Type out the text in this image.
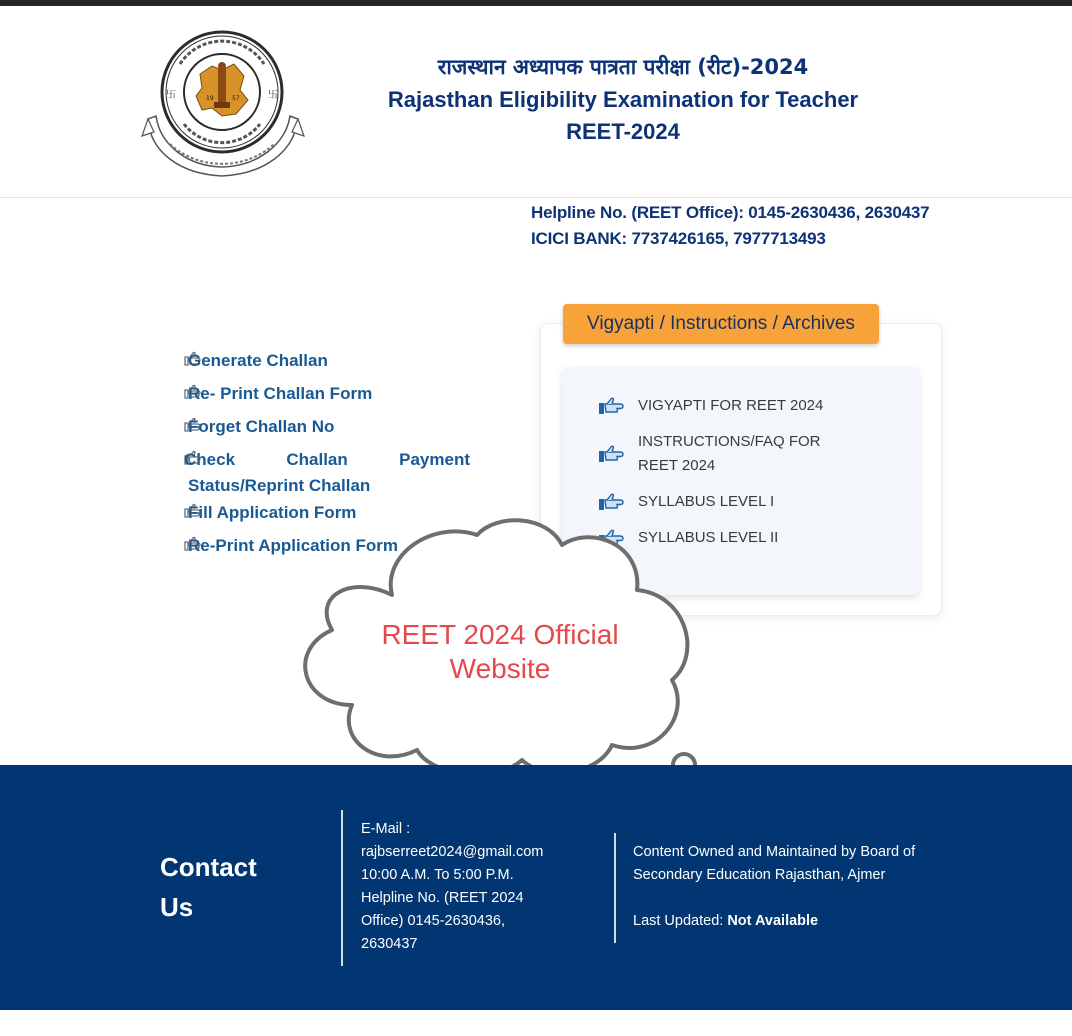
19	57
卐	卐
राजस्थान अध्यापक पात्रता परीक्षा (रीट)-2024
Rajasthan Eligibility Examination for Teacher
REET-2024
Helpline No. (REET Office): 0145-2630436, 2630437
ICICI BANK: 7737426165, 7977713493
Generate Challan
Re- Print Challan Form
Forget Challan No
Check	Challan	Payment
Status/Reprint Challan
Fill Application Form
Re-Print Application Form
Vigyapti / Instructions / Archives
VIGYAPTI FOR REET 2024
INSTRUCTIONS/FAQ FOR
REET 2024
SYLLABUS LEVEL I
SYLLABUS LEVEL II
REET 2024 Official
Website
Contact
Us
E-Mail :
rajbserreet2024@gmail.com
10:00 A.M. To 5:00 P.M.
Helpline No. (REET 2024
Office) 0145-2630436,
2630437
Content Owned and Maintained by Board of Secondary Education Rajasthan, Ajmer
Last Updated: Not Available
